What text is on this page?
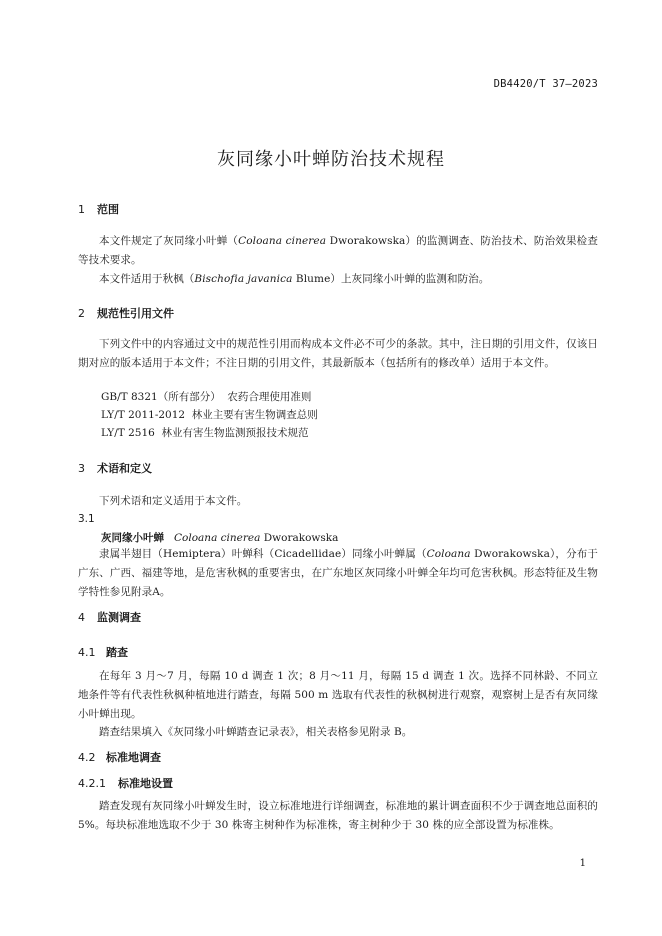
DB4420/T 37—2023
灰同缘小叶蝉防治技术规程
1 范围
本文件规定了灰同缘小叶蝉（Coloana cinerea Dworakowska）的监测调查、防治技术、防治效果检查等技术要求。
本文件适用于秋枫（Bischofia javanica Blume）上灰同缘小叶蝉的监测和防治。
2 规范性引用文件
下列文件中的内容通过文中的规范性引用而构成本文件必不可少的条款。其中，注日期的引用文件，仅该日期对应的版本适用于本文件；不注日期的引用文件，其最新版本（包括所有的修改单）适用于本文件。
GB/T 8321（所有部分）  农药合理使用准则
LY/T 2011-2012  林业主要有害生物调查总则
LY/T 2516  林业有害生物监测预报技术规范
3 术语和定义
下列术语和定义适用于本文件。
3.1
灰同缘小叶蝉 Coloana cinerea Dworakowska
隶属半翅目（Hemiptera）叶蝉科（Cicadellidae）同缘小叶蝉属（Coloana Dworakowska），分布于广东、广西、福建等地，是危害秋枫的重要害虫，在广东地区灰同缘小叶蝉全年均可危害秋枫。形态特征及生物学特性参见附录A。
4 监测调查
4.1 踏查
在每年 3 月～7 月，每隔 10 d 调查 1 次；8 月～11 月，每隔 15 d 调查 1 次。选择不同林龄、不同立地条件等有代表性秋枫种植地进行踏查，每隔 500 m 选取有代表性的秋枫树进行观察，观察树上是否有灰同缘小叶蝉出现。
踏查结果填入《灰同缘小叶蝉踏查记录表》，相关表格参见附录 B。
4.2 标准地调查
4.2.1 标准地设置
踏查发现有灰同缘小叶蝉发生时，设立标准地进行详细调查，标准地的累计调查面积不少于调查地总面积的 5%。每块标准地选取不少于 30 株寄主树种作为标准株，寄主树种少于 30 株的应全部设置为标准株。
1
